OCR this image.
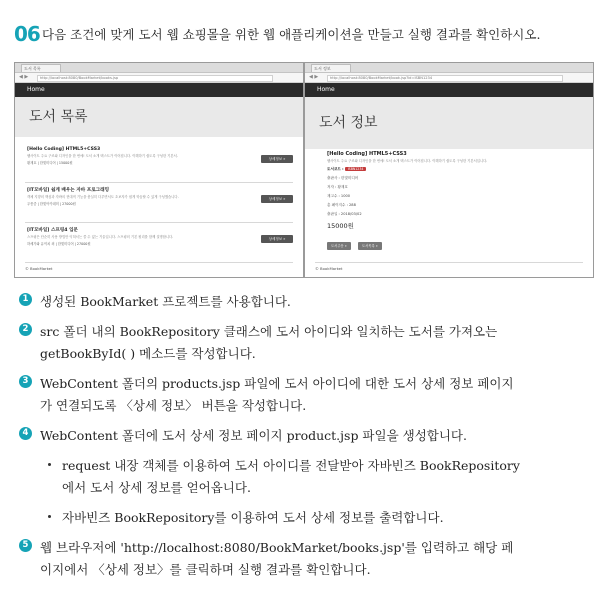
06 다음 조건에 맞게 도서 웹 쇼핑몰을 위한 웹 애플리케이션을 만들고 실행 결과를 확인하시오.
도서 목록
◀ ▶	http://localhost:8080/BookMarket/books.jsp
Home
도서 목록
[Hello Coding] HTML5+CSS3
웹사이트 주요 구조와 디자인을 한 번에! 도서 소개 텍스트가 이어집니다. 이해하기 쉽도록 구성한 기본서.
황재호 | 한빛미디어 | 15000원
상세정보 »
[IT모바일] 쉽게 배우는 자바 프로그래밍
객체 지향의 핵심과 자바의 현대적 기능을 충실히 다루면서도 초보자가 쉽게 학습할 수 있게 구성했습니다.
우종중 | 한빛아카데미 | 27000원
상세정보 »
[IT모바일] 스프링4 입문
스프링은 단순히 사용 방법만 익혀서는 쓸 수 없는 기술입니다. 스프링의 기본 원리를 함께 설명합니다.
하세가와 유이치 외 | 한빛미디어 | 27000원
상세정보 »
© BookMarket
도서 정보
◀ ▶	http://localhost:8080/BookMarket/book.jsp?id=ISBN1234
Home
도서 정보
[Hello Coding] HTML5+CSS3
웹사이트 주요 구조와 디자인을 한 번에! 도서 소개 텍스트가 이어집니다. 이해하기 쉽도록 구성한 기본서입니다.
도서코드 : ISBN1234
출판사 : 한빛미디어
저자 : 황재호
재고수 : 1000
총 페이지수 : 288
출판일 : 2018/03/02
15000원
도서주문 »	도서목록 »
© BookMarket
1 생성된 BookMarket 프로젝트를 사용합니다.
2 src 폴더 내의 BookRepository 클래스에 도서 아이디와 일치하는 도서를 가져오는
getBookById( ) 메소드를 작성합니다.
3 WebContent 폴더의 products.jsp 파일에 도서 아이디에 대한 도서 상세 정보 페이지
가 연결되도록 〈상세 정보〉 버튼을 작성합니다.
4 WebContent 폴더에 도서 상세 정보 페이지 product.jsp 파일을 생성합니다.
request 내장 객체를 이용하여 도서 아이디를 전달받아 자바빈즈 BookRepository
에서 도서 상세 정보를 얻어옵니다.
자바빈즈 BookRepository를 이용하여 도서 상세 정보를 출력합니다.
5 웹 브라우저에 'http://localhost:8080/BookMarket/books.jsp'를 입력하고 해당 페
이지에서 〈상세 정보〉를 클릭하며 실행 결과를 확인합니다.
